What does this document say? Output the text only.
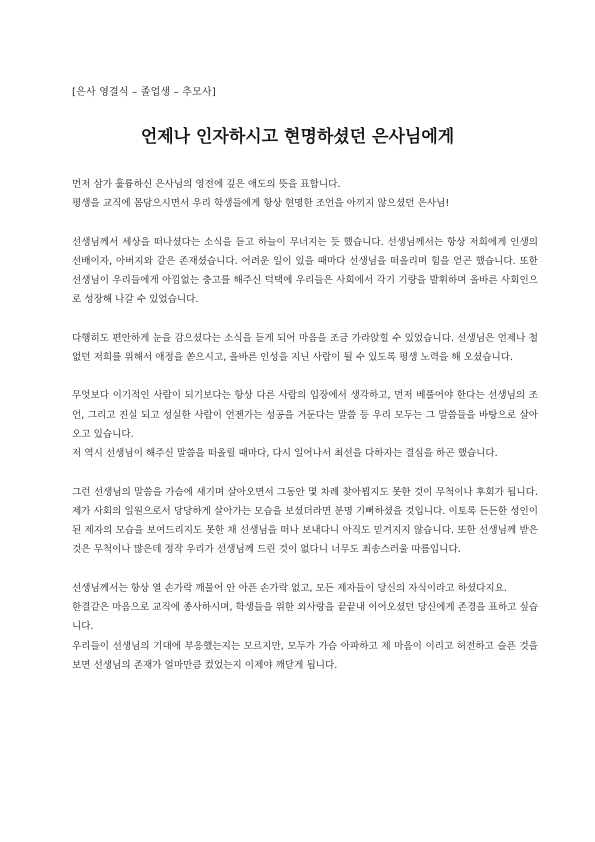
[은사 영결식 – 졸업생 – 추모사]
언제나 인자하시고 현명하셨던 은사님에게

먼저 삼가 훌륭하신 은사님의 영전에 깊은 애도의 뜻을 표합니다.

평생을 교직에 몸담으시면서 우리 학생들에게 항상 현명한 조언을 아끼지 않으셨던 은사님!

선생님께서 세상을 떠나셨다는 소식을 듣고 하늘이 무너지는 듯 했습니다. 선생님께서는 항상 저희에게 인생의 선배이자, 아버지와 같은 존재셨습니다. 어려운 일이 있을 때마다 선생님을 떠올리며 힘을 얻곤 했습니다. 또한 선생님이 우리들에게 아낌없는 충고를 해주신 덕택에 우리들은 사회에서 각기 기량을 발휘하며 올바른 사회인으로 성장해 나갈 수 있었습니다.

다행히도 편안하게 눈을 감으셨다는 소식을 듣게 되어 마음을 조금 가라앉힐 수 있었습니다. 선생님은 언제나 철없던 저희를 위해서 애정을 쏟으시고, 올바른 인성을 지닌 사람이 될 수 있도록 평생 노력을 해 오셨습니다.

무엇보다 이기적인 사람이 되기보다는 항상 다른 사람의 입장에서 생각하고, 먼저 베풀어야 한다는 선생님의 조언, 그리고 진실 되고 성실한 사람이 언젠가는 성공을 거둔다는 말씀 등 우리 모두는 그 말씀들을 바탕으로 살아오고 있습니다.

저 역시 선생님이 해주신 말씀을 떠올릴 때마다, 다시 일어나서 최선을 다하자는 결심을 하곤 했습니다.

그런 선생님의 말씀을 가슴에 새기며 살아오면서 그동안 몇 차례 찾아뵙지도 못한 것이 무척이나 후회가 됩니다. 제가 사회의 일원으로서 당당하게 살아가는 모습을 보셨더라면 분명 기뻐하셨을 것입니다. 이토록 든든한 성인이 된 제자의 모습을 보여드리지도 못한 채 선생님을 떠나 보내다니 아직도 믿겨지지 않습니다. 또한 선생님께 받은 것은 무척이나 많은데 정작 우리가 선생님께 드린 것이 없다니 너무도 죄송스러울 따름입니다.

선생님께서는 항상 열 손가락 깨물어 안 아픈 손가락 없고, 모든 제자들이 당신의 자식이라고 하셨다지요.

한결같은 마음으로 교직에 종사하시며, 학생들을 위한 외사랑을 끝끝내 이어오셨던 당신에게 존경을 표하고 싶습니다.

우리들이 선생님의 기대에 부응했는지는 모르지만, 모두가 가슴 아파하고 제 마음이 이리고 허전하고 슬픈 것을 보면 선생님의 존재가 얼마만큼 컸었는지 이제야 깨닫게 됩니다.
